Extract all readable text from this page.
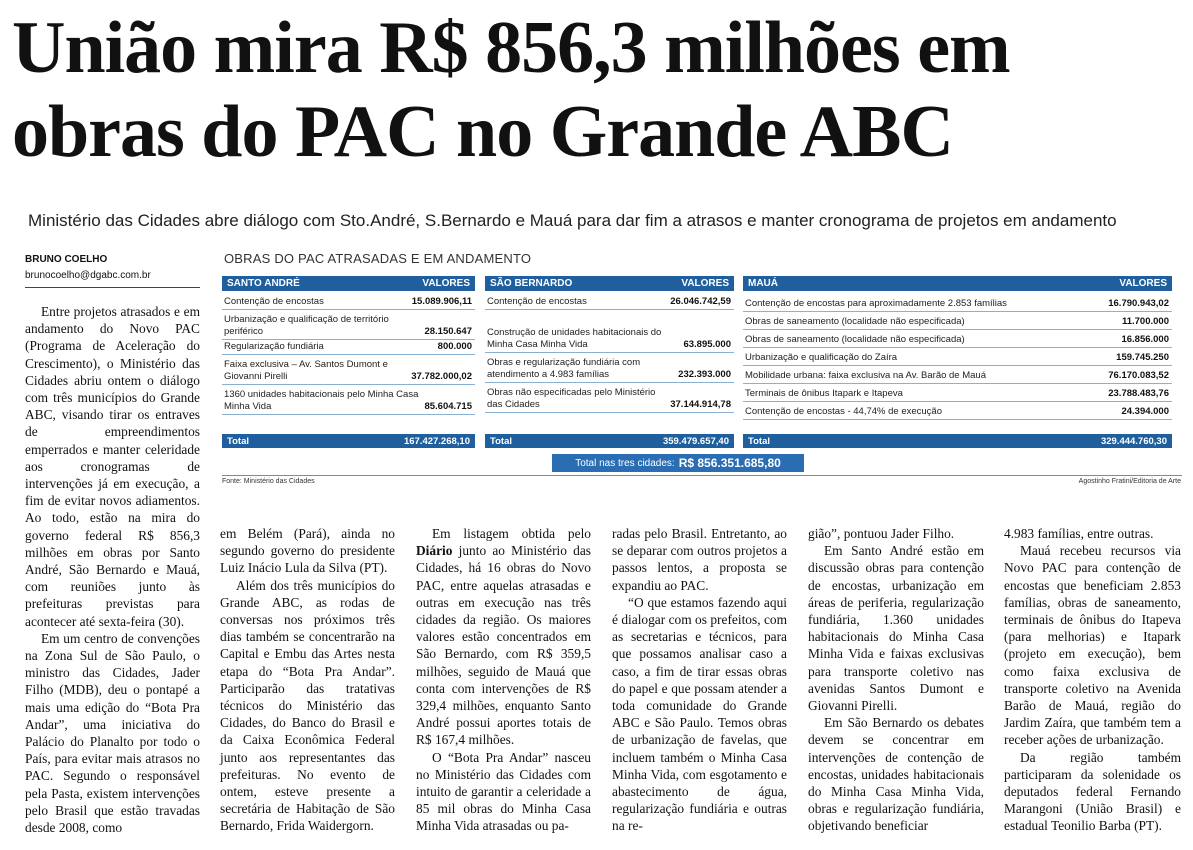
União mira R$ 856,3 milhões em obras do PAC no Grande ABC

Ministério das Cidades abre diálogo com Sto.André, S.Bernardo e Mauá para dar fim a atrasos e manter cronograma de projetos em andamento

BRUNO COELHO
brunocoelho@dgabc.com.br
OBRAS DO PAC ATRASADAS E EM ANDAMENTO
SANTO ANDRÉ	VALORES
Contenção de encostas	15.089.906,11
Urbanização e qualificação de território periférico	28.150.647
Regularização fundiária	800.000
Faixa exclusiva – Av. Santos Dumont e Giovanni Pirelli	37.782.000,02
1360 unidades habitacionais pelo Minha Casa Minha Vida	85.604.715
Total	167.427.268,10
SÃO BERNARDO	VALORES
Contenção de encostas	26.046.742,59
Construção de unidades habitacionais do Minha Casa Minha Vida	63.895.000
Obras e regularização fundiária com atendimento a 4.983 famílias	232.393.000
Obras não especificadas pelo Ministério das Cidades	37.144.914,78
Total	359.479.657,40
MAUÁ	VALORES
Contenção de encostas para aproximadamente 2.853 famílias	16.790.943,02
Obras de saneamento (localidade não especificada)	11.700.000
Obras de saneamento (localidade não especificada)	16.856.000
Urbanização e qualificação do Zaíra	159.745.250
Mobilidade urbana: faixa exclusiva na Av. Barão de Mauá	76.170.083,52
Terminais de ônibus Itapark e Itapeva	23.788.483,76
Contenção de encostas - 44,74% de execução	24.394.000
Total	329.444.760,30
Total nas tres cidades: R$ 856.351.685,80
Fonte: Ministério das Cidades	Agostinho Fratini/Editoria de Arte

Entre projetos atrasados e em andamento do Novo PAC (Programa de Aceleração do Crescimento), o Ministério das Cidades abriu ontem o diálogo com três municípios do Grande ABC, visando tirar os entraves de empreendimentos emperrados e manter celeridade aos cronogramas de intervenções já em execução, a fim de evitar novos adiamentos. Ao todo, estão na mira do governo federal R$ 856,3 milhões em obras por Santo André, São Bernardo e Mauá, com reuniões junto às prefeituras previstas para acontecer até sexta-feira (30).

Em um centro de convenções na Zona Sul de São Paulo, o ministro das Cidades, Jader Filho (MDB), deu o pontapé a mais uma edição do “Bota Pra Andar”, uma iniciativa do Palácio do Planalto por todo o País, para evitar mais atrasos no PAC. Segundo o responsável pela Pasta, existem intervenções pelo Brasil que estão travadas desde 2008, como

em Belém (Pará), ainda no segundo governo do presidente Luiz Inácio Lula da Silva (PT).

Além dos três municípios do Grande ABC, as rodas de conversas nos próximos três dias também se concentrarão na Capital e Embu das Artes nesta etapa do “Bota Pra Andar”. Participarão das tratativas técnicos do Ministério das Cidades, do Banco do Brasil e da Caixa Econômica Federal junto aos representantes das prefeituras. No evento de ontem, esteve presente a secretária de Habitação de São Bernardo, Frida Waidergorn.

Em listagem obtida pelo Diário junto ao Ministério das Cidades, há 16 obras do Novo PAC, entre aquelas atrasadas e outras em execução nas três cidades da região. Os maiores valores estão concentrados em São Bernardo, com R$ 359,5 milhões, seguido de Mauá que conta com intervenções de R$ 329,4 milhões, enquanto Santo André possui aportes totais de R$ 167,4 milhões.

O “Bota Pra Andar” nasceu no Ministério das Cidades com intuito de garantir a celeridade a 85 mil obras do Minha Casa Minha Vida atrasadas ou pa-

radas pelo Brasil. Entretanto, ao se deparar com outros projetos a passos lentos, a proposta se expandiu ao PAC.

“O que estamos fazendo aqui é dialogar com os prefeitos, com as secretarias e técnicos, para que possamos analisar caso a caso, a fim de tirar essas obras do papel e que possam atender a toda comunidade do Grande ABC e São Paulo. Temos obras de urbanização de favelas, que incluem também o Minha Casa Minha Vida, com esgotamento e abastecimento de água, regularização fundiária e outras na re-

gião”, pontuou Jader Filho.

Em Santo André estão em discussão obras para contenção de encostas, urbanização em áreas de periferia, regularização fundiária, 1.360 unidades habitacionais do Minha Casa Minha Vida e faixas exclusivas para transporte coletivo nas avenidas Santos Dumont e Giovanni Pirelli.

Em São Bernardo os debates devem se concentrar em intervenções de contenção de encostas, unidades habitacionais do Minha Casa Minha Vida, obras e regularização fundiária, objetivando beneficiar

4.983 famílias, entre outras.

Mauá recebeu recursos via Novo PAC para contenção de encostas que beneficiam 2.853 famílias, obras de saneamento, terminais de ônibus do Itapeva (para melhorias) e Itapark (projeto em execução), bem como faixa exclusiva de transporte coletivo na Avenida Barão de Mauá, região do Jardim Zaíra, que também tem a receber ações de urbanização.

Da região também participaram da solenidade os deputados federal Fernando Marangoni (União Brasil) e estadual Teonilio Barba (PT).
